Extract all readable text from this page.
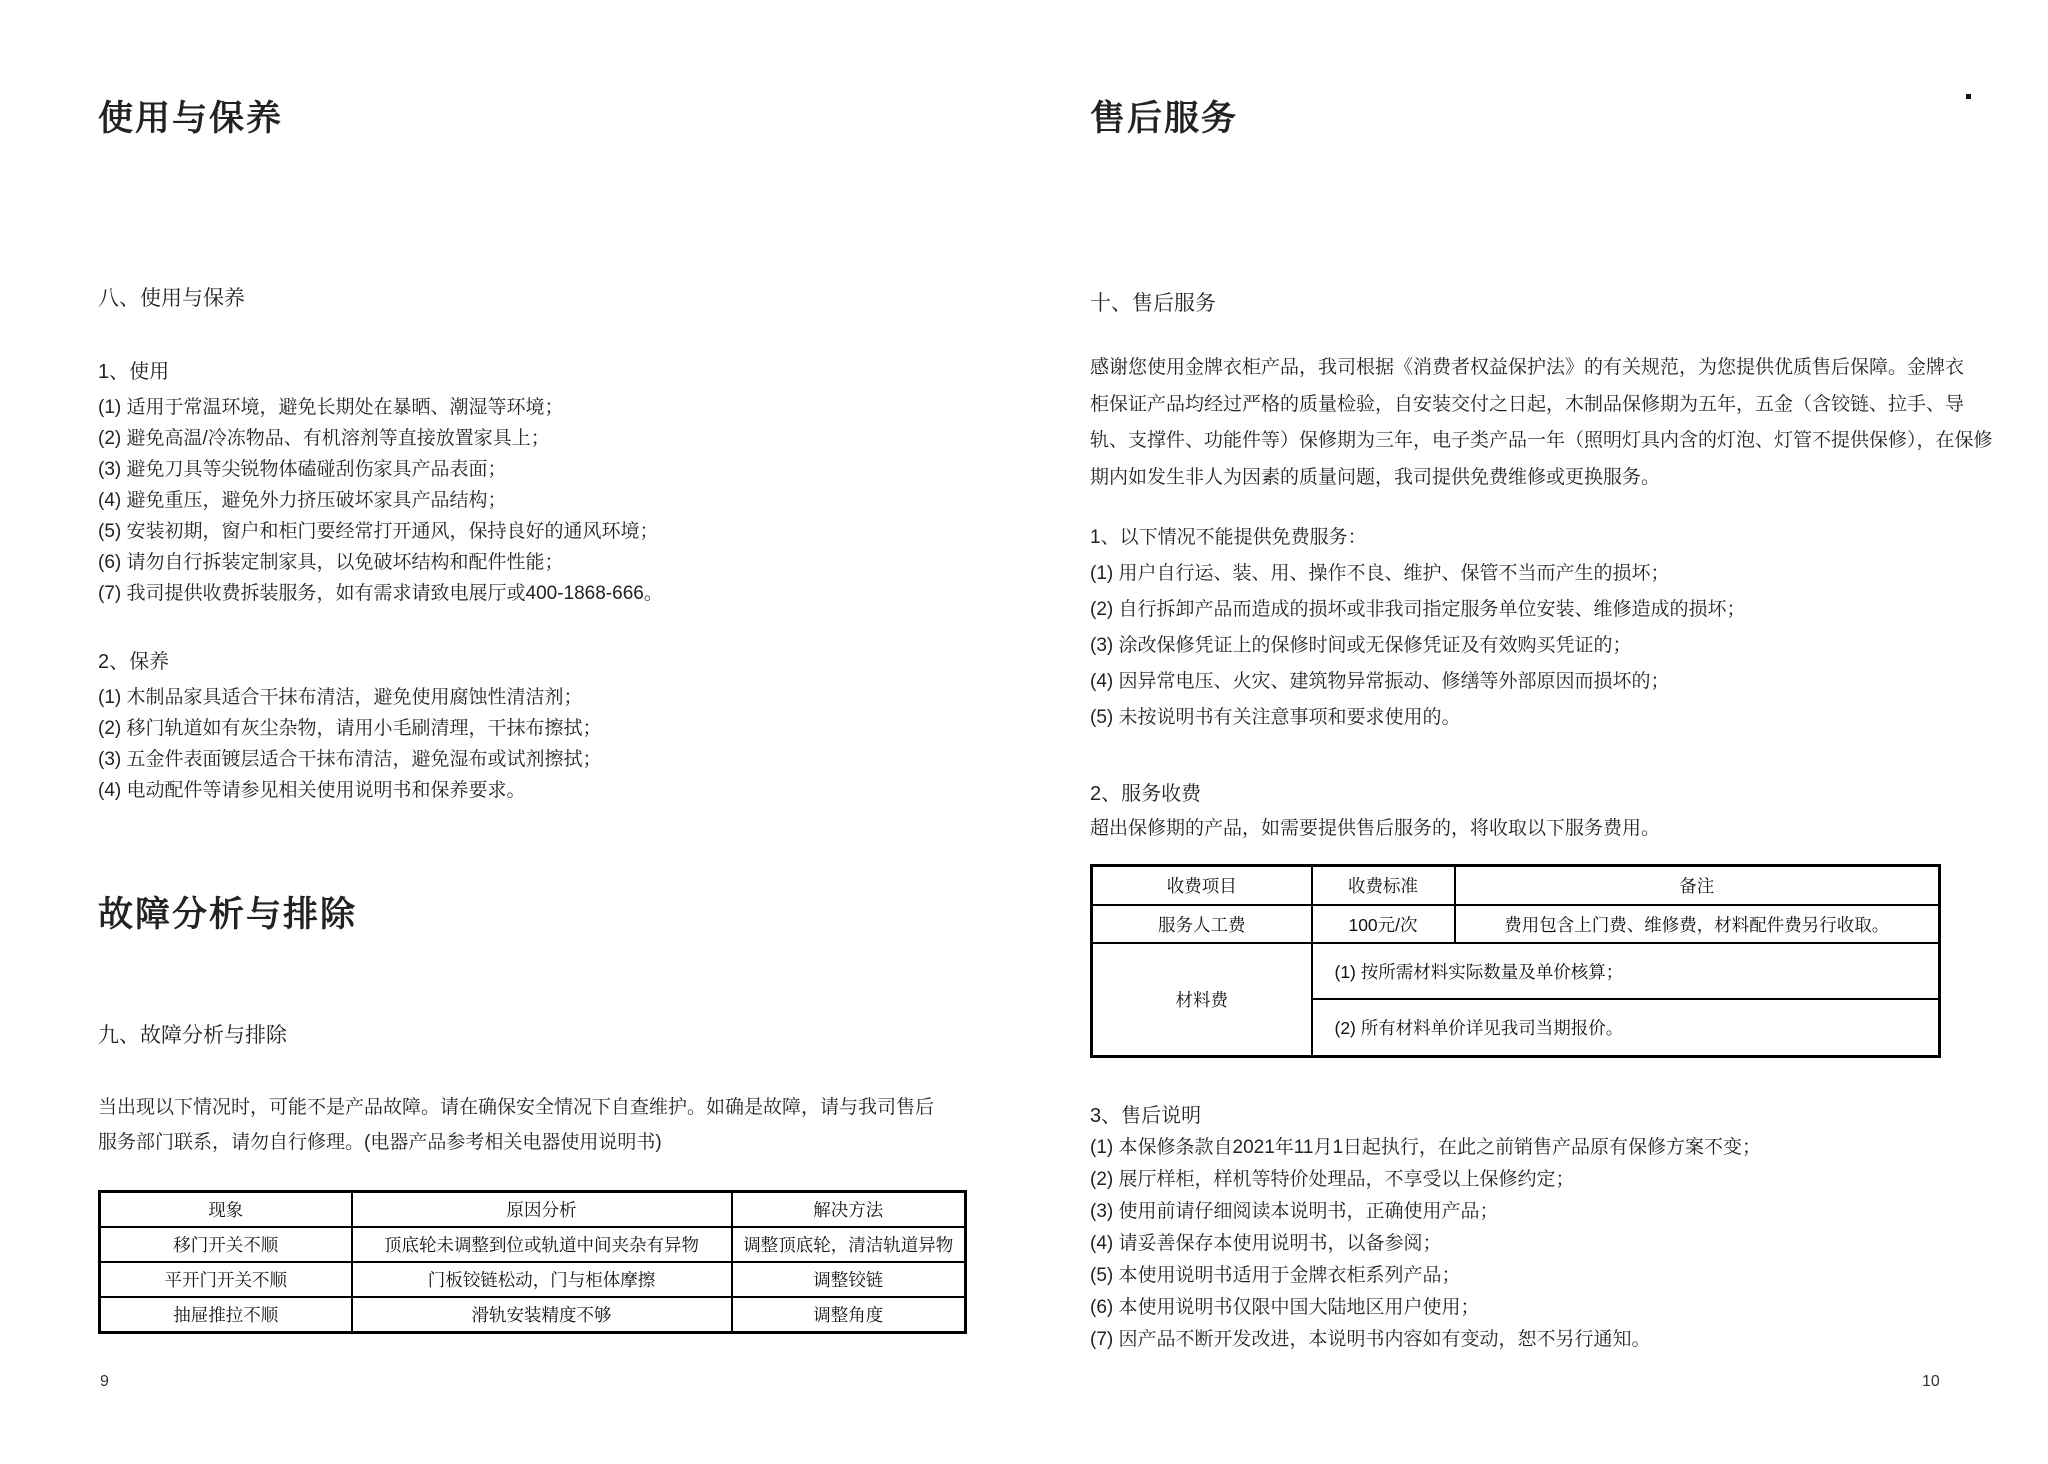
使用与保养
八、使用与保养
1、使用

(1) 适用于常温环境，避免长期处在暴晒、潮湿等环境；

(2) 避免高温/冷冻物品、有机溶剂等直接放置家具上；

(3) 避免刀具等尖锐物体磕碰刮伤家具产品表面；

(4) 避免重压，避免外力挤压破坏家具产品结构；

(5) 安装初期，窗户和柜门要经常打开通风，保持良好的通风环境；

(6) 请勿自行拆装定制家具，以免破坏结构和配件性能；

(7) 我司提供收费拆装服务，如有需求请致电展厅或400-1868-666。

2、保养

(1) 木制品家具适合干抹布清洁，避免使用腐蚀性清洁剂；

(2) 移门轨道如有灰尘杂物，请用小毛刷清理，干抹布擦拭；

(3) 五金件表面镀层适合干抹布清洁，避免湿布或试剂擦拭；

(4) 电动配件等请参见相关使用说明书和保养要求。

故障分析与排除
九、故障分析与排除

当出现以下情况时，可能不是产品故障。请在确保安全情况下自查维护。如确是故障，请与我司售后

服务部门联系，请勿自行修理。(电器产品参考相关电器使用说明书)

现象	原因分析	解决方法
移门开关不顺	顶底轮未调整到位或轨道中间夹杂有异物	调整顶底轮，清洁轨道异物
平开门开关不顺	门板铰链松动，门与柜体摩擦	调整铰链
抽屉推拉不顺	滑轨安装精度不够	调整角度
9
售后服务
十、售后服务

感谢您使用金牌衣柜产品，我司根据《消费者权益保护法》的有关规范，为您提供优质售后保障。金牌衣

柜保证产品均经过严格的质量检验，自安装交付之日起，木制品保修期为五年，五金（含铰链、拉手、导

轨、支撑件、功能件等）保修期为三年，电子类产品一年（照明灯具内含的灯泡、灯管不提供保修），在保修

期内如发生非人为因素的质量问题，我司提供免费维修或更换服务。

1、以下情况不能提供免费服务：

(1) 用户自行运、装、用、操作不良、维护、保管不当而产生的损坏；

(2) 自行拆卸产品而造成的损坏或非我司指定服务单位安装、维修造成的损坏；

(3) 涂改保修凭证上的保修时间或无保修凭证及有效购买凭证的；

(4) 因异常电压、火灾、建筑物异常振动、修缮等外部原因而损坏的；

(5) 未按说明书有关注意事项和要求使用的。

2、服务收费
超出保修期的产品，如需要提供售后服务的，将收取以下服务费用。
收费项目	收费标准	备注
服务人工费	100元/次	费用包含上门费、维修费，材料配件费另行收取。
材料费	(1) 按所需材料实际数量及单价核算；	
	(2) 所有材料单价详见我司当期报价。	
3、售后说明

(1) 本保修条款自2021年11月1日起执行，在此之前销售产品原有保修方案不变；

(2) 展厅样柜，样机等特价处理品，不享受以上保修约定；

(3) 使用前请仔细阅读本说明书，正确使用产品；

(4) 请妥善保存本使用说明书，以备参阅；

(5) 本使用说明书适用于金牌衣柜系列产品；

(6) 本使用说明书仅限中国大陆地区用户使用；

(7) 因产品不断开发改进，本说明书内容如有变动，恕不另行通知。

10
